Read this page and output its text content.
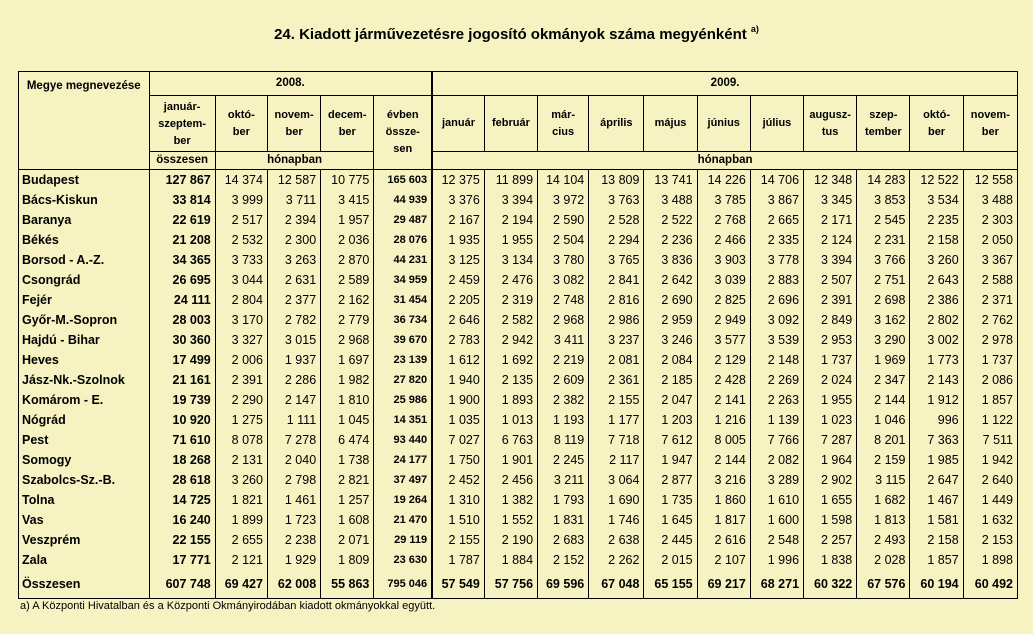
24. Kiadott járművezetésre jogosító okmányok száma megyénként $^{a)}$
Megye megnevezése	2008.					2009.										
	január-
szeptem-
ber	októ-
ber	novem-
ber	decem-
ber	évben össze-
sen	január	február	már-
cius	április	május	június	július	augusz-
tus	szep-
tember	októ-
ber	novem-
ber
	összesen	hónapban				hónapban										
Budapest	127 867	14 374	12 587	10 775	165 603	12 375	11 899	14 104	13 809	13 741	14 226	14 706	12 348	14 283	12 522	12 558
Bács-Kiskun	33 814	3 999	3 711	3 415	44 939	3 376	3 394	3 972	3 763	3 488	3 785	3 867	3 345	3 853	3 534	3 488
Baranya	22 619	2 517	2 394	1 957	29 487	2 167	2 194	2 590	2 528	2 522	2 768	2 665	2 171	2 545	2 235	2 303
Békés	21 208	2 532	2 300	2 036	28 076	1 935	1 955	2 504	2 294	2 236	2 466	2 335	2 124	2 231	2 158	2 050
Borsod - A.-Z.	34 365	3 733	3 263	2 870	44 231	3 125	3 134	3 780	3 765	3 836	3 903	3 778	3 394	3 766	3 260	3 367
Csongrád	26 695	3 044	2 631	2 589	34 959	2 459	2 476	3 082	2 841	2 642	3 039	2 883	2 507	2 751	2 643	2 588
Fejér	24 111	2 804	2 377	2 162	31 454	2 205	2 319	2 748	2 816	2 690	2 825	2 696	2 391	2 698	2 386	2 371
Győr-M.-Sopron	28 003	3 170	2 782	2 779	36 734	2 646	2 582	2 968	2 986	2 959	2 949	3 092	2 849	3 162	2 802	2 762
Hajdú - Bihar	30 360	3 327	3 015	2 968	39 670	2 783	2 942	3 411	3 237	3 246	3 577	3 539	2 953	3 290	3 002	2 978
Heves	17 499	2 006	1 937	1 697	23 139	1 612	1 692	2 219	2 081	2 084	2 129	2 148	1 737	1 969	1 773	1 737
Jász-Nk.-Szolnok	21 161	2 391	2 286	1 982	27 820	1 940	2 135	2 609	2 361	2 185	2 428	2 269	2 024	2 347	2 143	2 086
Komárom - E.	19 739	2 290	2 147	1 810	25 986	1 900	1 893	2 382	2 155	2 047	2 141	2 263	1 955	2 144	1 912	1 857
Nógrád	10 920	1 275	1 111	1 045	14 351	1 035	1 013	1 193	1 177	1 203	1 216	1 139	1 023	1 046	996	1 122
Pest	71 610	8 078	7 278	6 474	93 440	7 027	6 763	8 119	7 718	7 612	8 005	7 766	7 287	8 201	7 363	7 511
Somogy	18 268	2 131	2 040	1 738	24 177	1 750	1 901	2 245	2 117	1 947	2 144	2 082	1 964	2 159	1 985	1 942
Szabolcs-Sz.-B.	28 618	3 260	2 798	2 821	37 497	2 452	2 456	3 211	3 064	2 877	3 216	3 289	2 902	3 115	2 647	2 640
Tolna	14 725	1 821	1 461	1 257	19 264	1 310	1 382	1 793	1 690	1 735	1 860	1 610	1 655	1 682	1 467	1 449
Vas	16 240	1 899	1 723	1 608	21 470	1 510	1 552	1 831	1 746	1 645	1 817	1 600	1 598	1 813	1 581	1 632
Veszprém	22 155	2 655	2 238	2 071	29 119	2 155	2 190	2 683	2 638	2 445	2 616	2 548	2 257	2 493	2 158	2 153
Zala	17 771	2 121	1 929	1 809	23 630	1 787	1 884	2 152	2 262	2 015	2 107	1 996	1 838	2 028	1 857	1 898
Összesen	607 748	69 427	62 008	55 863	795 046	57 549	57 756	69 596	67 048	65 155	69 217	68 271	60 322	67 576	60 194	60 492
a) A Központi Hivatalban és a Központi Okmányirodában kiadott okmányokkal együtt.
